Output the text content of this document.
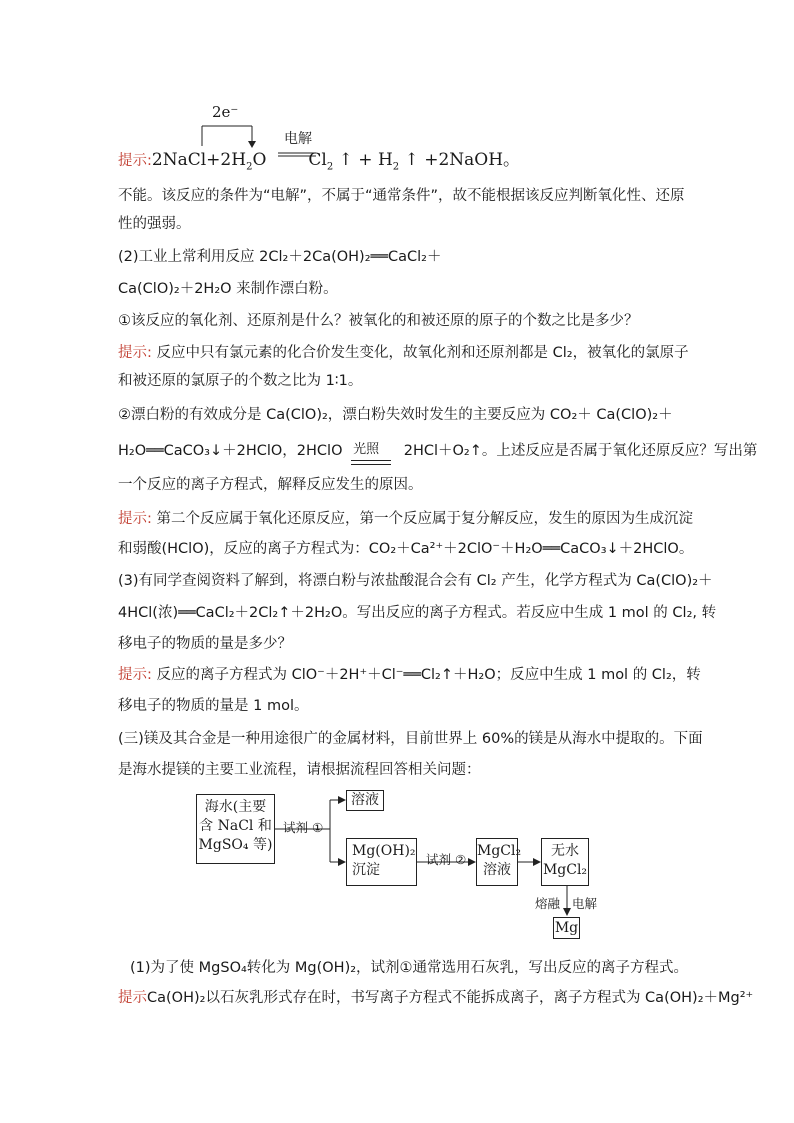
2e⁻
电解
提示$:2NaCl+2H_2O$ $Cl_2$ ↑ + $H_2$ ↑ +2NaOH。
不能。该反应的条件为“电解”，不属于“通常条件”，故不能根据该反应判断氧化性、还原
性的强弱。
(2)工业上常利用反应 2Cl₂＋2Ca(OH)₂══CaCl₂＋
Ca(ClO)₂＋2H₂O 来制作漂白粉。
①该反应的氧化剂、还原剂是什么？被氧化的和被还原的原子的个数之比是多少？
提示: 反应中只有氯元素的化合价发生变化，故氧化剂和还原剂都是 Cl₂，被氧化的氯原子
和被还原的氯原子的个数之比为 1∶1。
②漂白粉的有效成分是 Ca(ClO)₂，漂白粉失效时发生的主要反应为 CO₂＋ Ca(ClO)₂＋
H₂O══CaCO₃↓＋2HClO，2HClO 光照 2HCl＋O₂↑。上述反应是否属于氧化还原反应？写出第
一个反应的离子方程式，解释反应发生的原因。
提示: 第二个反应属于氧化还原反应，第一个反应属于复分解反应，发生的原因为生成沉淀
和弱酸(HClO)，反应的离子方程式为：CO₂＋Ca²⁺＋2ClO⁻＋H₂O══CaCO₃↓＋2HClO。
(3)有同学查阅资料了解到，将漂白粉与浓盐酸混合会有 Cl₂ 产生，化学方程式为 Ca(ClO)₂＋
4HCl(浓)══CaCl₂＋2Cl₂↑＋2H₂O。写出反应的离子方程式。若反应中生成 1 mol 的 Cl₂, 转
移电子的物质的量是多少？
提示: 反应的离子方程式为 ClO⁻＋2H⁺＋Cl⁻══Cl₂↑＋H₂O；反应中生成 1 mol 的 Cl₂，转
移电子的物质的量是 1 mol。
(三)镁及其合金是一种用途很广的金属材料，目前世界上 60%的镁是从海水中提取的。下面
是海水提镁的主要工业流程，请根据流程回答相关问题：
海水(主要
含 NaCl 和
MgSO₄ 等)
试剂 ①
溶液
Mg(OH)₂
沉淀
试剂 ②
MgCl₂
溶液
无水
MgCl₂
熔融 电解
Mg
(1)为了使 MgSO₄转化为 Mg(OH)₂，试剂①通常选用石灰乳，写出反应的离子方程式。
提示Ca(OH)₂以石灰乳形式存在时，书写离子方程式不能拆成离子，离子方程式为 Ca(OH)₂＋Mg²⁺
